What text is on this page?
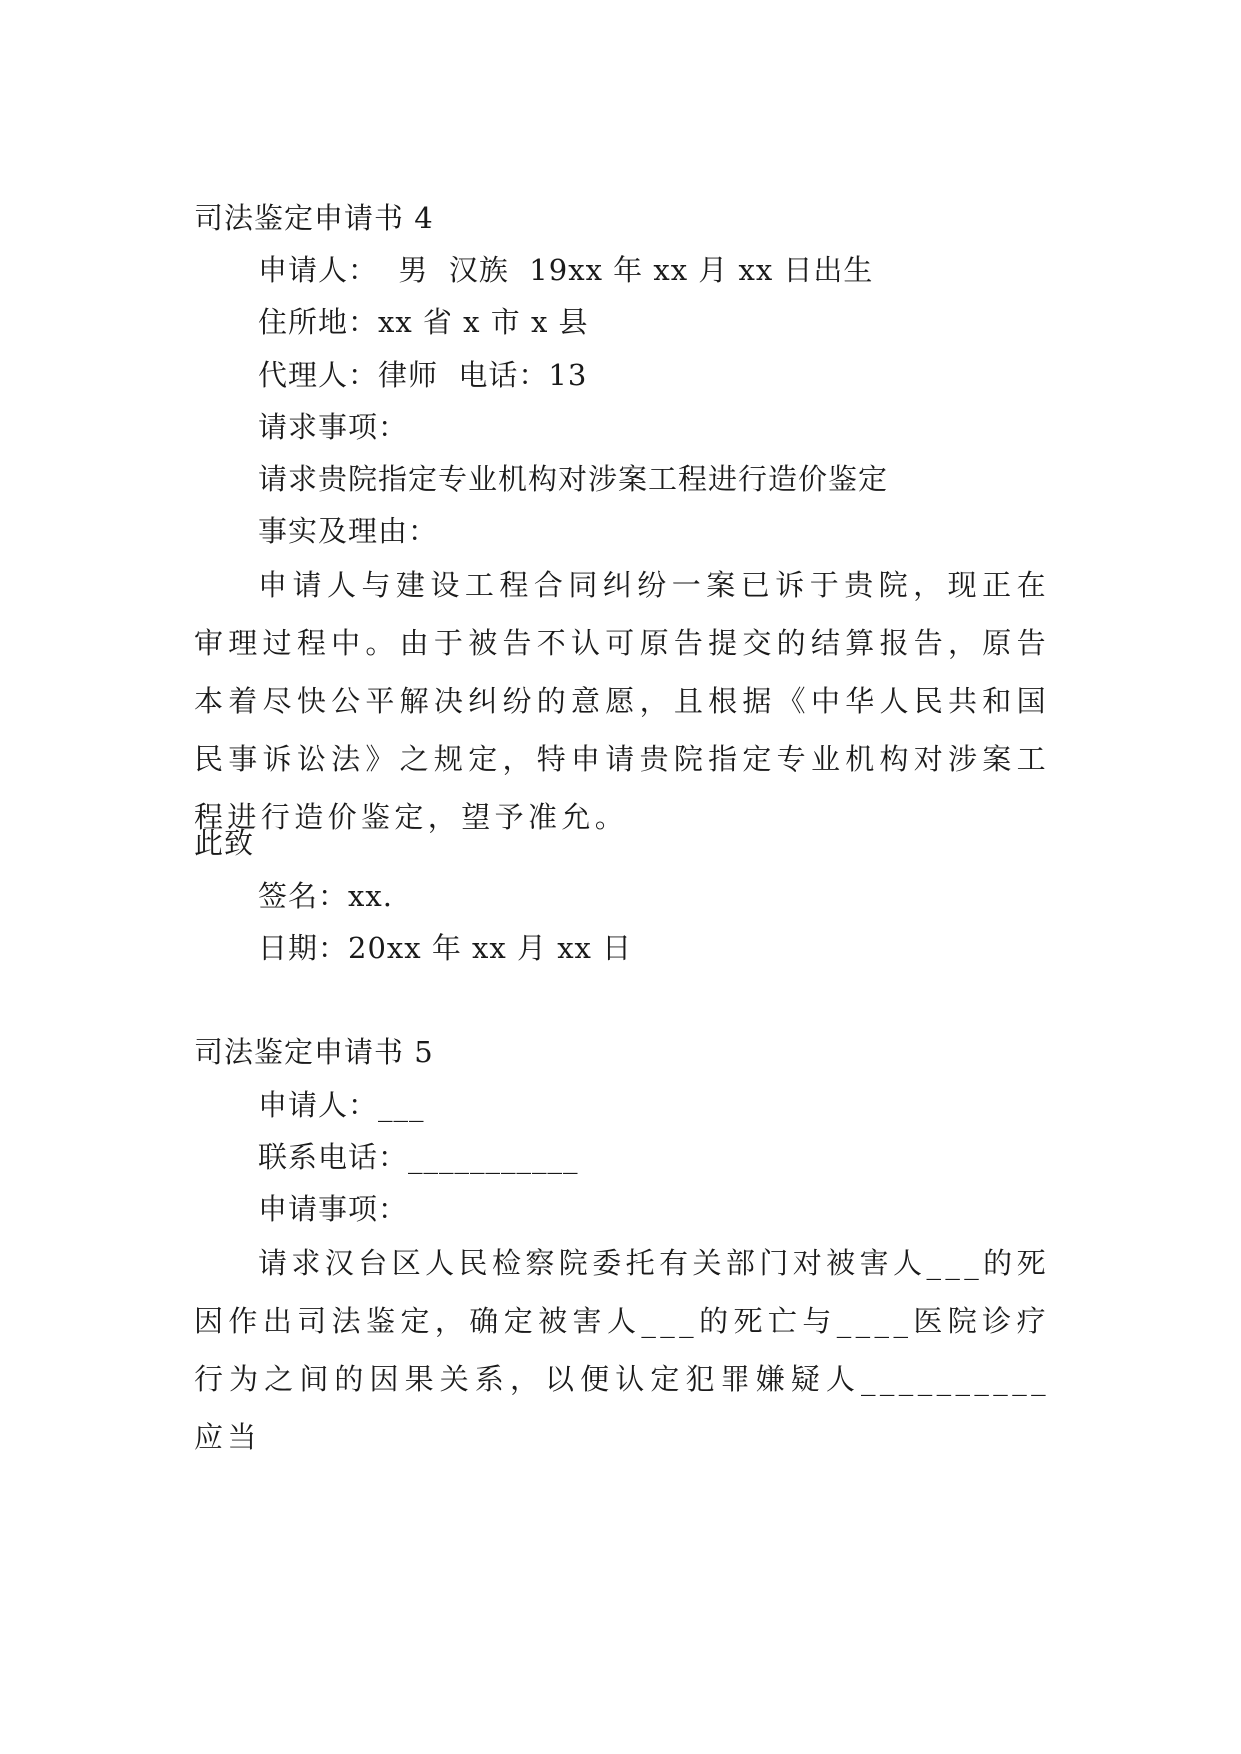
司法鉴定申请书 4
申请人：  男  汉族  19xx 年 xx 月 xx 日出生
住所地：xx 省 x 市 x 县
代理人：律师  电话：13
请求事项：
请求贵院指定专业机构对涉案工程进行造价鉴定
事实及理由：
申请人与建设工程合同纠纷一案已诉于贵院，现正在审理过程中。由于被告不认可原告提交的结算报告，原告本着尽快公平解决纠纷的意愿，且根据《中华人民共和国民事诉讼法》之规定，特申请贵院指定专业机构对涉案工程进行造价鉴定，望予准允。
此致
签名：xx.
日期：20xx 年 xx 月 xx 日
司法鉴定申请书 5
申请人：___
联系电话：___________
申请事项：
请求汉台区人民检察院委托有关部门对被害人___的死因作出司法鉴定，确定被害人___的死亡与____医院诊疗行为之间的因果关系，以便认定犯罪嫌疑人__________应当
